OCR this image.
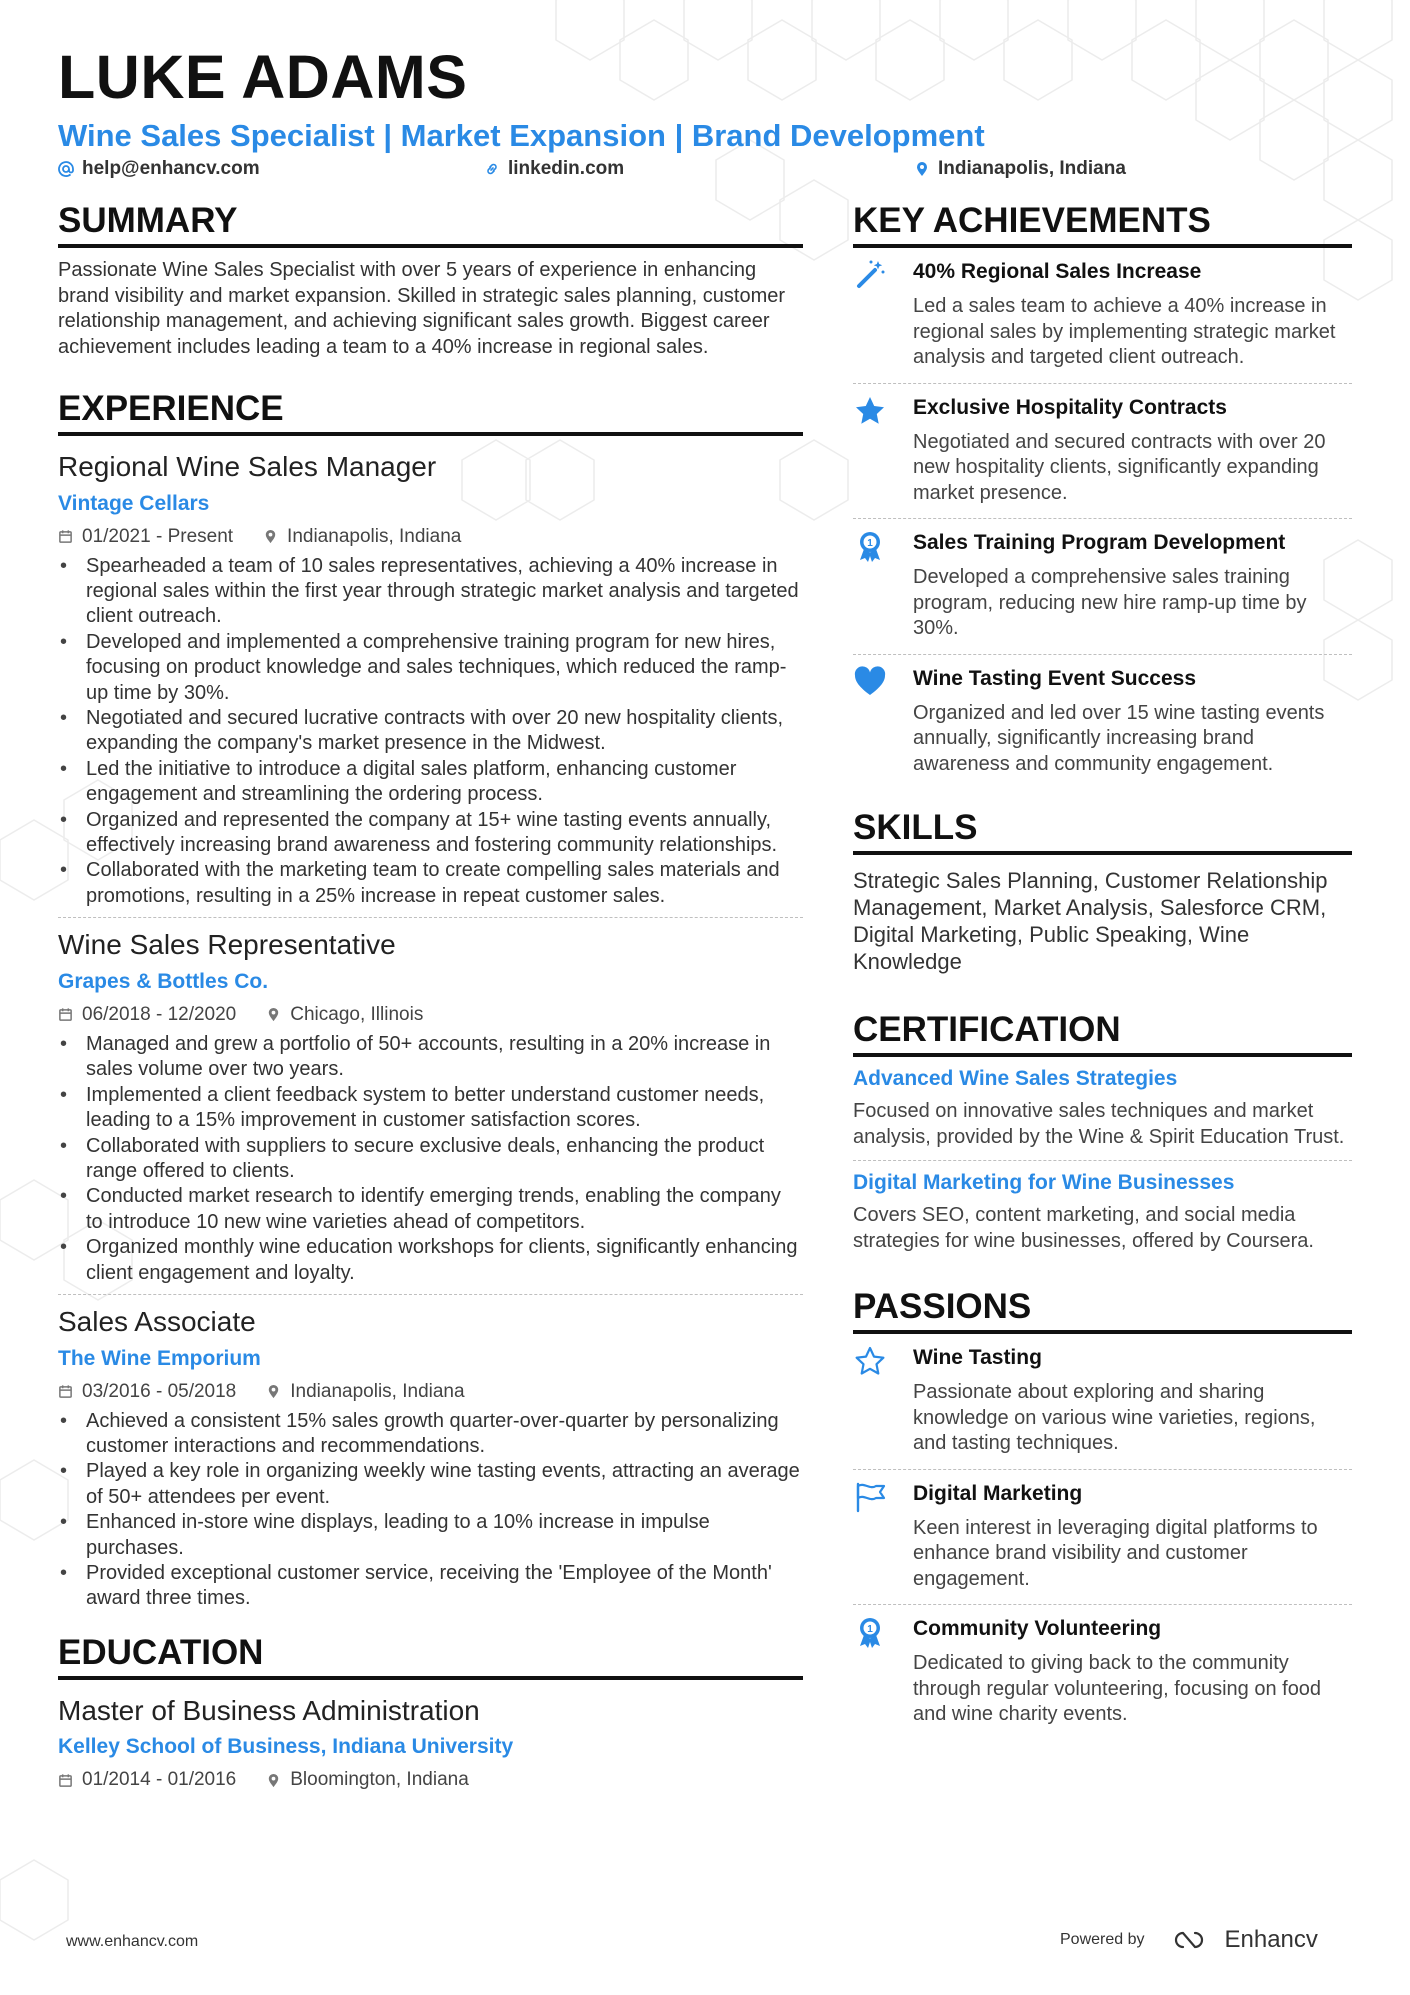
LUKE ADAMS
Wine Sales Specialist | Market Expansion | Brand Development
help@enhancv.com	linkedin.com	Indianapolis, Indiana
SUMMARY

Passionate Wine Sales Specialist with over 5 years of experience in enhancing brand visibility and market expansion. Skilled in strategic sales planning, customer relationship management, and achieving significant sales growth. Biggest career achievement includes leading a team to a 40% increase in regional sales.

EXPERIENCE

Regional Wine Sales Manager

Vintage Cellars

01/2021 - Present	Indianapolis, Indiana
• Spearheaded a team of 10 sales representatives, achieving a 40% increase in regional sales within the first year through strategic market analysis and targeted client outreach.
• Developed and implemented a comprehensive training program for new hires, focusing on product knowledge and sales techniques, which reduced the ramp-up time by 30%.
• Negotiated and secured lucrative contracts with over 20 new hospitality clients, expanding the company's market presence in the Midwest.
• Led the initiative to introduce a digital sales platform, enhancing customer engagement and streamlining the ordering process.
• Organized and represented the company at 15+ wine tasting events annually, effectively increasing brand awareness and fostering community relationships.
• Collaborated with the marketing team to create compelling sales materials and promotions, resulting in a 25% increase in repeat customer sales.

Wine Sales Representative

Grapes & Bottles Co.

06/2018 - 12/2020	Chicago, Illinois
• Managed and grew a portfolio of 50+ accounts, resulting in a 20% increase in sales volume over two years.
• Implemented a client feedback system to better understand customer needs, leading to a 15% improvement in customer satisfaction scores.
• Collaborated with suppliers to secure exclusive deals, enhancing the product range offered to clients.
• Conducted market research to identify emerging trends, enabling the company to introduce 10 new wine varieties ahead of competitors.
• Organized monthly wine education workshops for clients, significantly enhancing client engagement and loyalty.

Sales Associate

The Wine Emporium

03/2016 - 05/2018	Indianapolis, Indiana
• Achieved a consistent 15% sales growth quarter-over-quarter by personalizing customer interactions and recommendations.
• Played a key role in organizing weekly wine tasting events, attracting an average of 50+ attendees per event.
• Enhanced in-store wine displays, leading to a 10% increase in impulse purchases.
• Provided exceptional customer service, receiving the 'Employee of the Month' award three times.
EDUCATION

Master of Business Administration

Kelley School of Business, Indiana University

01/2014 - 01/2016	Bloomington, Indiana
KEY ACHIEVEMENTS

40% Regional Sales Increase

Led a sales team to achieve a 40% increase in regional sales by implementing strategic market analysis and targeted client outreach.

Exclusive Hospitality Contracts

Negotiated and secured contracts with over 20 new hospitality clients, significantly expanding market presence.

1 Sales Training Program Development

Developed a comprehensive sales training program, reducing new hire ramp-up time by 30%.

Wine Tasting Event Success

Organized and led over 15 wine tasting events annually, significantly increasing brand awareness and community engagement.

SKILLS

Strategic Sales Planning, Customer Relationship Management, Market Analysis, Salesforce CRM, Digital Marketing, Public Speaking, Wine Knowledge

CERTIFICATION

Advanced Wine Sales Strategies

Focused on innovative sales techniques and market analysis, provided by the Wine & Spirit Education Trust.

Digital Marketing for Wine Businesses

Covers SEO, content marketing, and social media strategies for wine businesses, offered by Coursera.

PASSIONS

Wine Tasting

Passionate about exploring and sharing knowledge on various wine varieties, regions, and tasting techniques.

Digital Marketing

Keen interest in leveraging digital platforms to enhance brand visibility and customer engagement.

1 Community Volunteering

Dedicated to giving back to the community through regular volunteering, focusing on food and wine charity events.

www.enhancv.com	Powered by	Enhancv
